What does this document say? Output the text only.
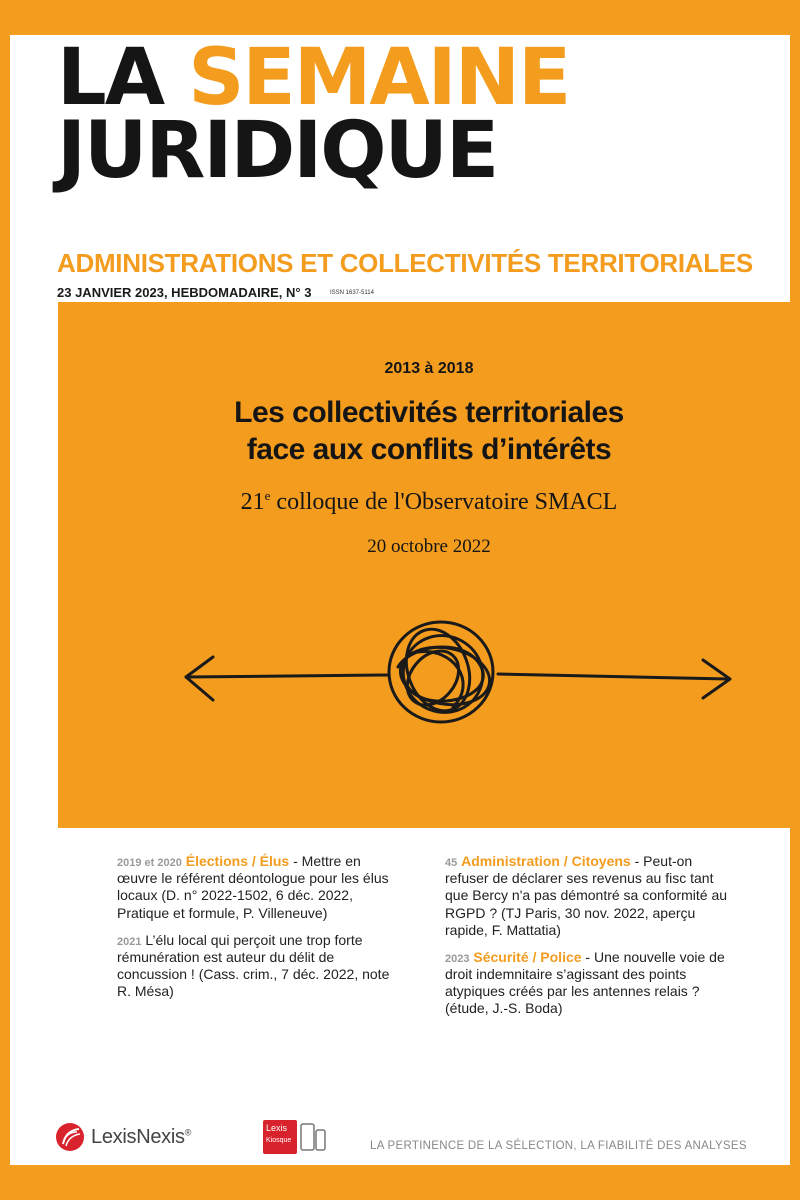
LA SEMAINE
JURIDIQUE
ADMINISTRATIONS ET COLLECTIVITÉS TERRITORIALES
23 JANVIER 2023, HEBDOMADAIRE, N° 3	ISSN 1637-5114
2013 à 2018
Les collectivités territoriales
face aux conflits d’intérêts
21e colloque de l'Observatoire SMACL
20 octobre 2022

2019 et 2020 Élections / Élus - Mettre en œuvre le référent déontologue pour les élus locaux (D. n° 2022-1502, 6 déc. 2022, Pratique et formule, P. Villeneuve)

2021 L’élu local qui perçoit une trop forte rémunération est auteur du délit de concussion ! (Cass. crim., 7 déc. 2022, note R. Mésa)

45 Administration / Citoyens - Peut-on refuser de déclarer ses revenus au fisc tant que Bercy n'a pas démontré sa conformité au RGPD ? (TJ Paris, 30 nov. 2022, aperçu rapide, F. Mattatia)

2023 Sécurité / Police - Une nouvelle voie de droit indemnitaire s’agissant des points atypiques créés par les antennes relais ? (étude, J.-S. Boda)

LexisNexis®	Lexis
Kiosque	LA PERTINENCE DE LA SÉLECTION, LA FIABILITÉ DES ANALYSES
